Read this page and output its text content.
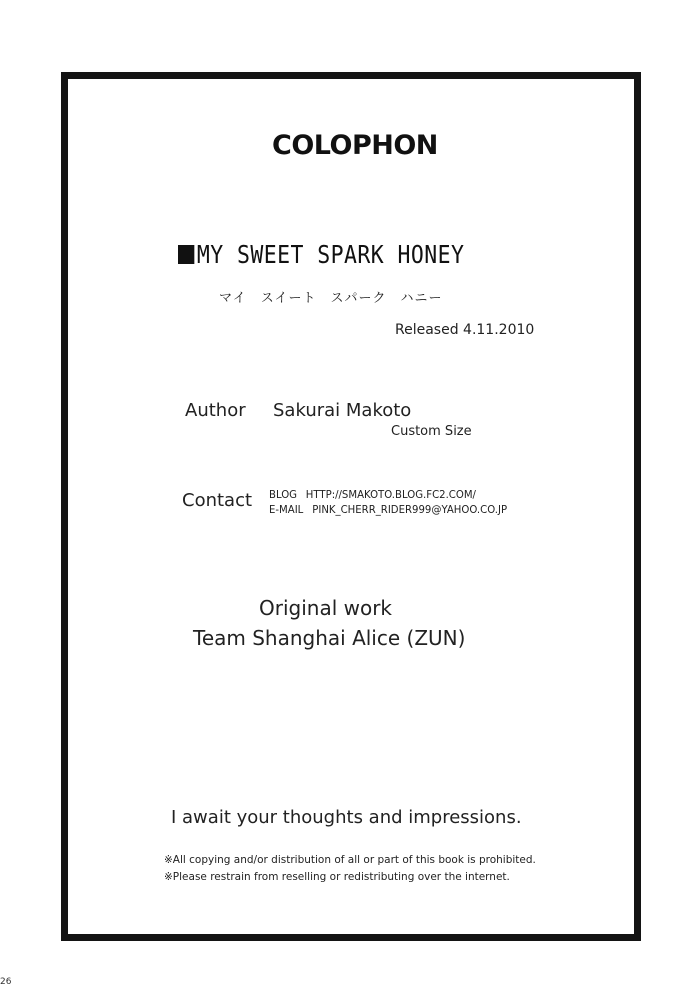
COLOPHON
MY SWEET SPARK HONEY
マイ　スイート　スパーク　ハニー
Released 4.11.2010
Author Sakurai Makoto
Custom Size
Contact BLOG HTTP://SMAKOTO.BLOG.FC2.COM/
E-MAIL PINK_CHERR_RIDER999@YAHOO.CO.JP
Original work
Team Shanghai Alice (ZUN)
I await your thoughts and impressions.
※All copying and/or distribution of all or part of this book is prohibited.
※Please restrain from reselling or redistributing over the internet.
26
